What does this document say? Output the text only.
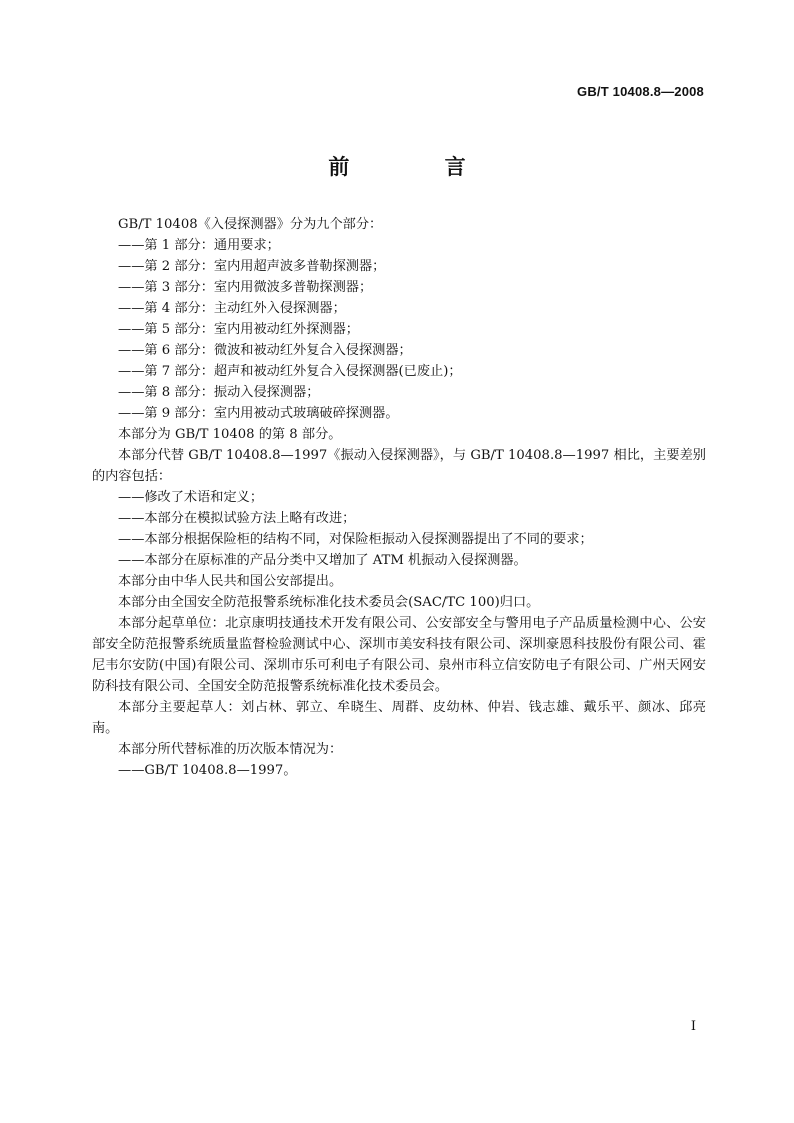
GB/T 10408.8—2008
前 言

GB/T 10408《入侵探测器》分为九个部分：

——第 1 部分：通用要求；

——第 2 部分：室内用超声波多普勒探测器；

——第 3 部分：室内用微波多普勒探测器；

——第 4 部分：主动红外入侵探测器；

——第 5 部分：室内用被动红外探测器；

——第 6 部分：微波和被动红外复合入侵探测器；

——第 7 部分：超声和被动红外复合入侵探测器(已废止)；

——第 8 部分：振动入侵探测器；

——第 9 部分：室内用被动式玻璃破碎探测器。

本部分为 GB/T 10408 的第 8 部分。

本部分代替 GB/T 10408.8—1997《振动入侵探测器》，与 GB/T 10408.8—1997 相比，主要差别的内容包括：

——修改了术语和定义；

——本部分在模拟试验方法上略有改进；

——本部分根据保险柜的结构不同，对保险柜振动入侵探测器提出了不同的要求；

——本部分在原标准的产品分类中又增加了 ATM 机振动入侵探测器。

本部分由中华人民共和国公安部提出。

本部分由全国安全防范报警系统标准化技术委员会(SAC/TC 100)归口。

本部分起草单位：北京康明技通技术开发有限公司、公安部安全与警用电子产品质量检测中心、公安部安全防范报警系统质量监督检验测试中心、深圳市美安科技有限公司、深圳豪恩科技股份有限公司、霍尼韦尔安防(中国)有限公司、深圳市乐可利电子有限公司、泉州市科立信安防电子有限公司、广州天网安防科技有限公司、全国安全防范报警系统标准化技术委员会。

本部分主要起草人：刘占林、郭立、牟晓生、周群、皮幼林、仲岩、钱志雄、戴乐平、颜冰、邱亮南。

本部分所代替标准的历次版本情况为：

——GB/T 10408.8—1997。

I
